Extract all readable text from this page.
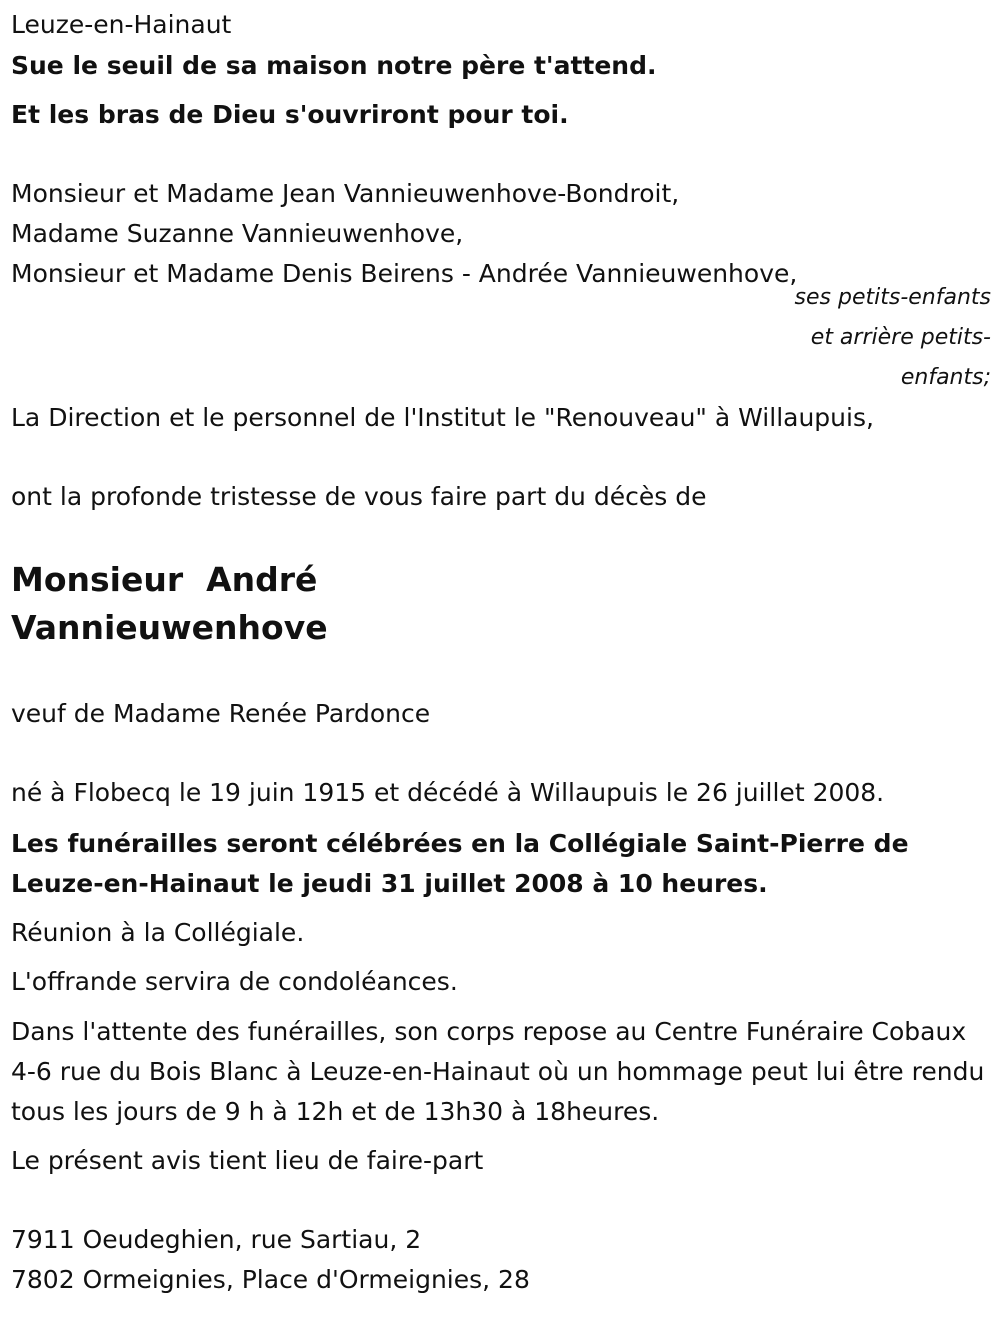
Leuze-en-Hainaut

Sue le seuil de sa maison notre père t'attend.

Et les bras de Dieu s'ouvriront pour toi.

Monsieur et Madame Jean Vannieuwenhove-Bondroit,

Madame Suzanne Vannieuwenhove,

Monsieur et Madame Denis Beirens - Andrée Vannieuwenhove,

ses petits-enfants
et arrière petits-
enfants;

La Direction et le personnel de l'Institut le "Renouveau" à Willaupuis,

ont la profonde tristesse de vous faire part du décès de

Monsieur  André

Vannieuwenhove

veuf de Madame Renée Pardonce

né à Flobecq le 19 juin 1915 et décédé à Willaupuis le 26 juillet 2008.

Les funérailles seront célébrées en la Collégiale Saint-Pierre de Leuze-en-Hainaut le jeudi 31 juillet 2008 à 10 heures.

Réunion à la Collégiale.

L'offrande servira de condoléances.

Dans l'attente des funérailles, son corps repose au Centre Funéraire Cobaux 4-6 rue du Bois Blanc à Leuze-en-Hainaut où un hommage peut lui être rendu tous les jours de 9 h à 12h et de 13h30 à 18heures.

Le présent avis tient lieu de faire-part

7911 Oeudeghien, rue Sartiau, 2

7802 Ormeignies, Place d'Ormeignies, 28
